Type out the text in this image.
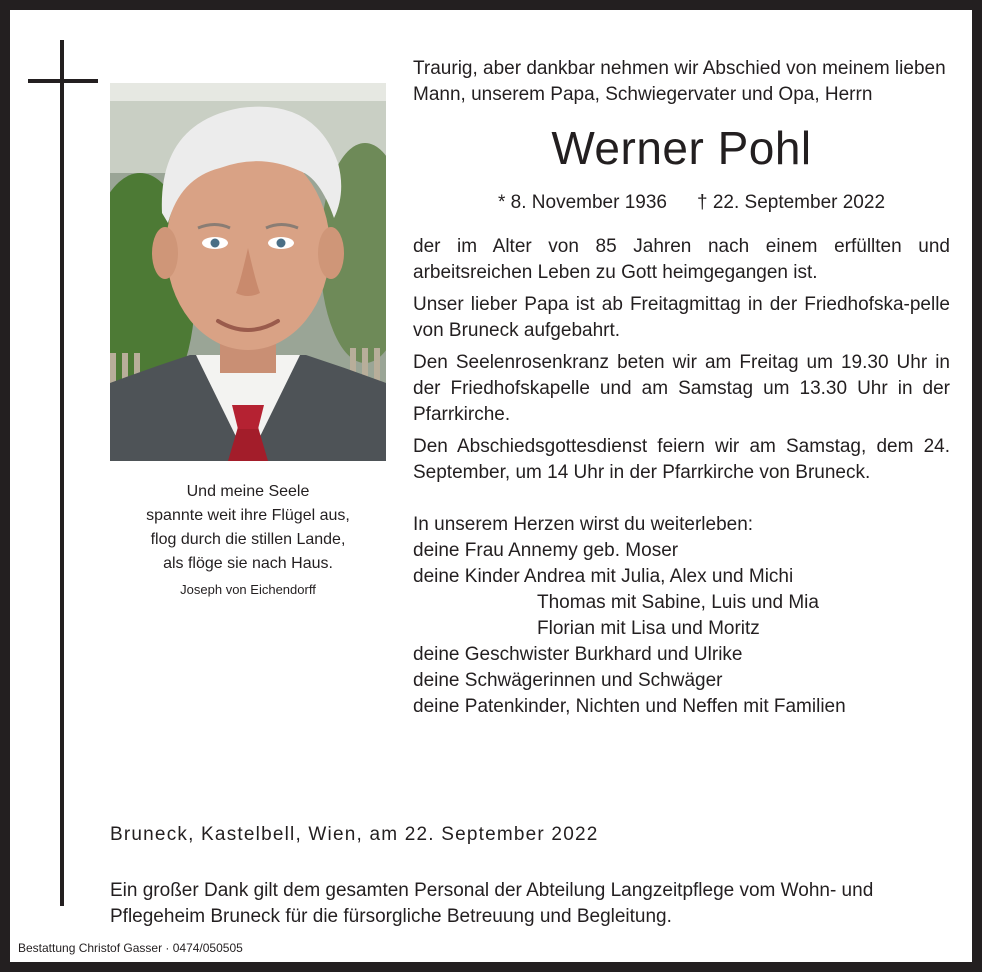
Und meine Seele
spannte weit ihre Flügel aus,
flog durch die stillen Lande,
als flöge sie nach Haus.
Joseph von Eichendorff
Traurig, aber dankbar nehmen wir Abschied von meinem lieben Mann, unserem Papa, Schwiegervater und Opa, Herrn
Werner Pohl
* 8. November 1936 † 22. September 2022
der im Alter von 85 Jahren nach einem erfüllten und arbeitsreichen Leben zu Gott heimgegangen ist.
Unser lieber Papa ist ab Freitagmittag in der Friedhofska-pelle von Bruneck aufgebahrt.
Den Seelenrosenkranz beten wir am Freitag um 19.30 Uhr in der Friedhofskapelle und am Samstag um 13.30 Uhr in der Pfarrkirche.
Den Abschiedsgottesdienst feiern wir am Samstag, dem 24. September, um 14 Uhr in der Pfarrkirche von Bruneck.
In unserem Herzen wirst du weiterleben:
deine Frau Annemy geb. Moser
deine Kinder Andrea mit Julia, Alex und Michi
Thomas mit Sabine, Luis und Mia
Florian mit Lisa und Moritz
deine Geschwister Burkhard und Ulrike
deine Schwägerinnen und Schwäger
deine Patenkinder, Nichten und Neffen mit Familien
Bruneck, Kastelbell, Wien, am 22. September 2022
Ein großer Dank gilt dem gesamten Personal der Abteilung Langzeitpflege vom Wohn- und Pflegeheim Bruneck für die fürsorgliche Betreuung und Begleitung.
Bestattung Christof Gasser · 0474/050505
